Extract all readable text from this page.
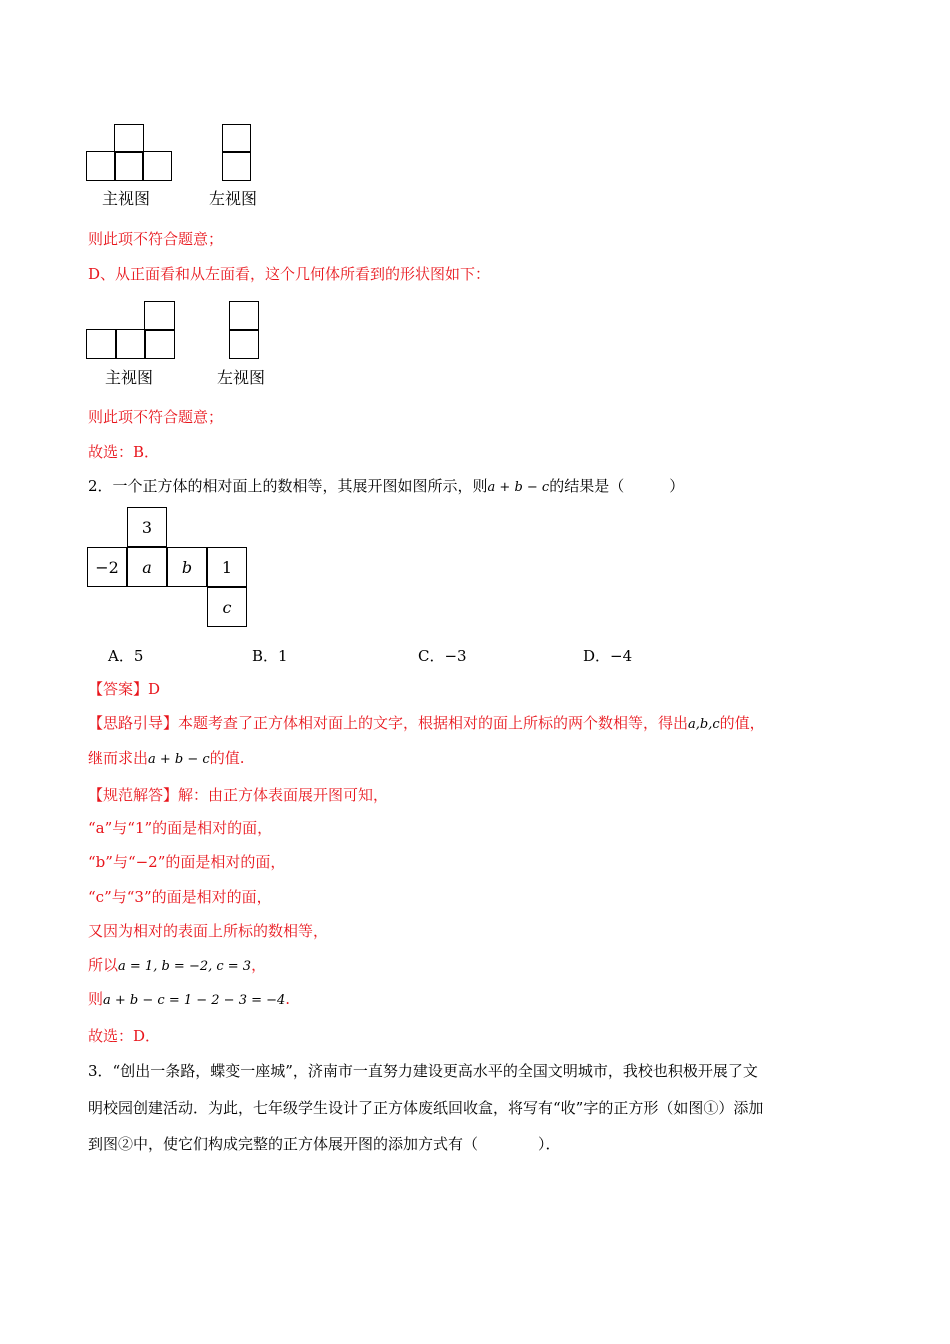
主视图	左视图
则此项不符合题意；
D、从正面看和从左面看，这个几何体所看到的形状图如下：
主视图	左视图
则此项不符合题意；
故选：B．
2．一个正方体的相对面上的数相等，其展开图如图所示，则a + b − c的结果是（　　　）
3
−2	a	b	1
c
A．5	B．1	C．−3	D．−4
【答案】D
【思路引导】本题考查了正方体相对面上的文字，根据相对的面上所标的两个数相等，得出a,b,c的值，
继而求出a + b − c的值.
【规范解答】解：由正方体表面展开图可知，
“a”与“1”的面是相对的面，
“b”与“−2”的面是相对的面，
“c”与“3”的面是相对的面，
又因为相对的表面上所标的数相等，
所以a = 1, b = −2, c = 3，
则a + b − c = 1 − 2 − 3 = −4.
故选：D．
3．“创出一条路，蝶变一座城”，济南市一直努力建设更高水平的全国文明城市，我校也积极开展了文
明校园创建活动．为此，七年级学生设计了正方体废纸回收盒，将写有“收”字的正方形（如图①）添加
到图②中，使它们构成完整的正方体展开图的添加方式有（　　　　）．
